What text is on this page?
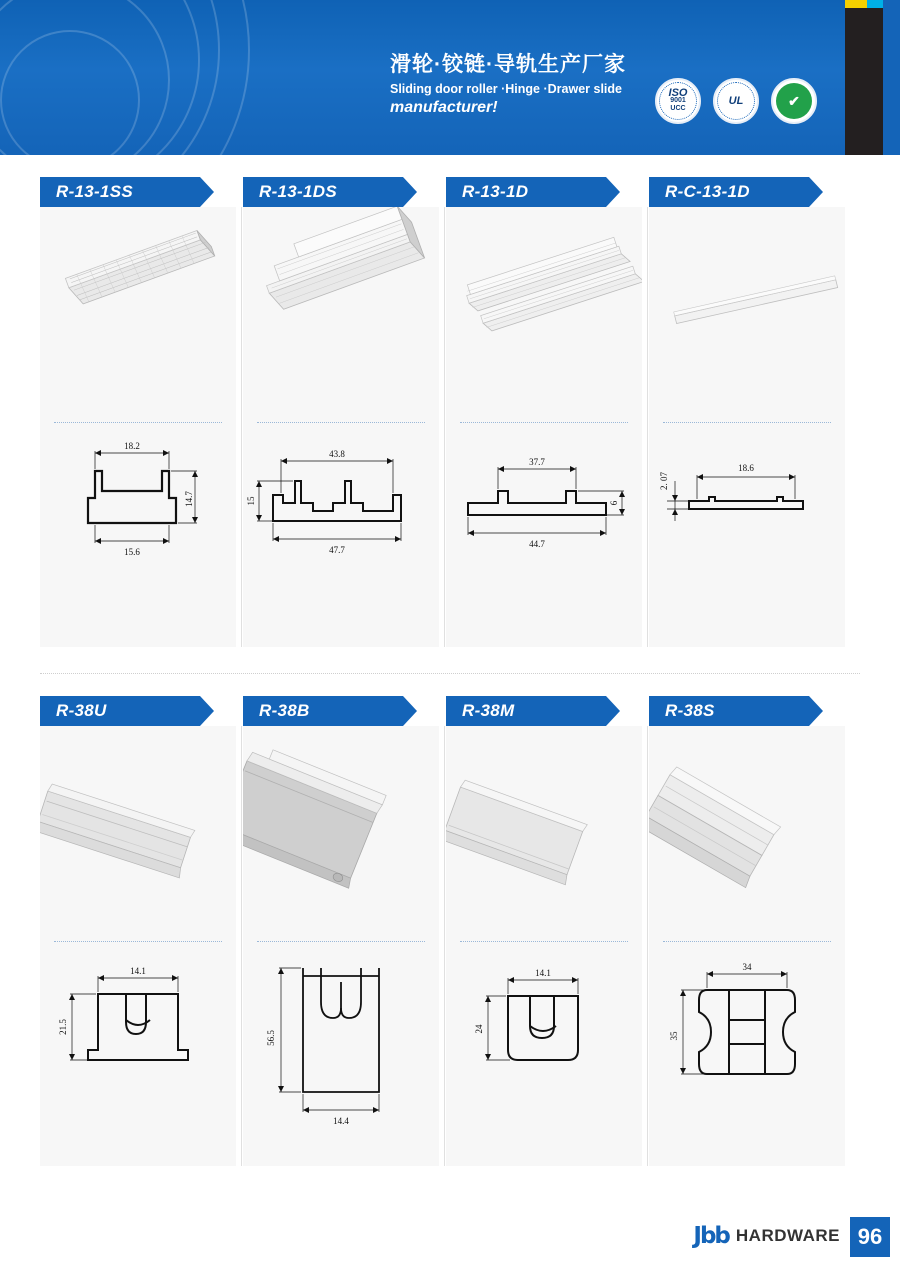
滑轮·铰链·导轨生产厂家
Sliding door roller ·Hinge ·Drawer slide
manufacturer!
ISO
9001
UCC
UL	✔
R-13-1SS
18.2
14.7
15.6
R-13-1DS
43.8
15
47.7
R-13-1D
37.7
6
44.7
R-C-13-1D
2. 07
18.6
R-38U
14.1
21.5
R-38B
56.5
14.4
R-38M
14.1
24
R-38S
34
35
Jbb HARDWARE 96
